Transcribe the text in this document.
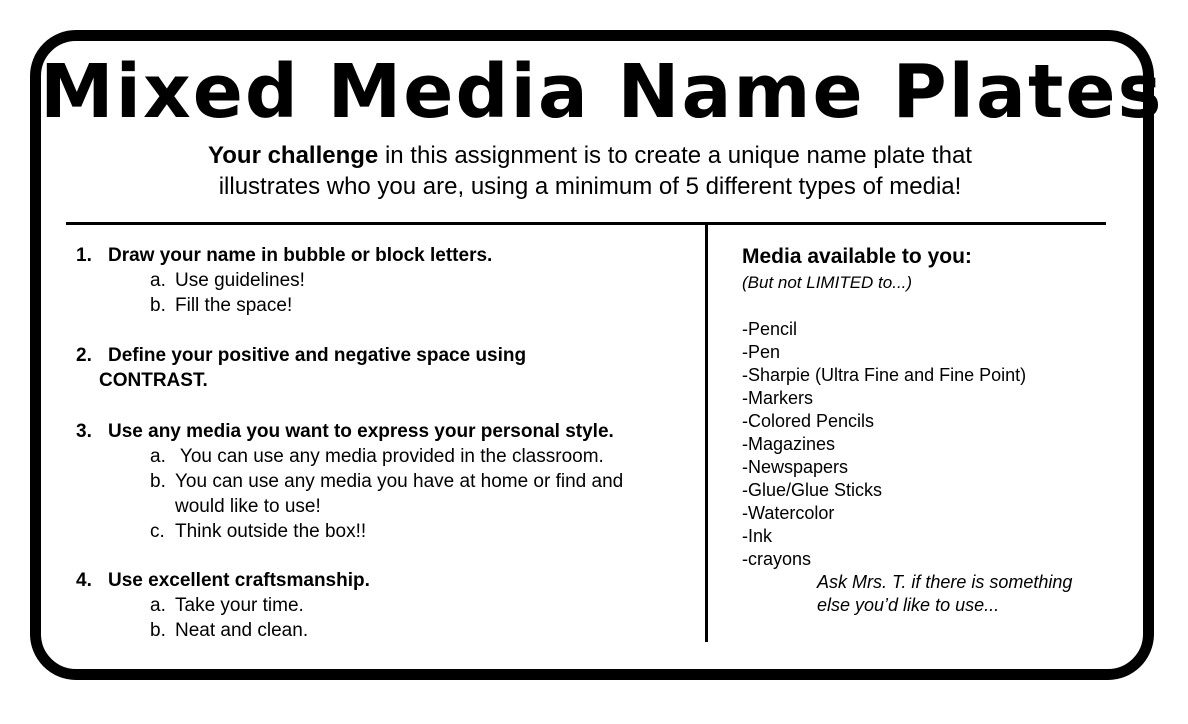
Mixed Media Name Plates
Your challenge in this assignment is to create a unique name plate that
illustrates who you are, using a minimum of 5 different types of media!
1. Draw your name in bubble or block letters.
a. Use guidelines!
b. Fill the space!
2. Define your positive and negative space using
CONTRAST.
3. Use any media you want to express your personal style.
a. You can use any media provided in the classroom.
b. You can use any media you have at home or find and
would like to use!
c. Think outside the box!!
4. Use excellent craftsmanship.
a. Take your time.
b. Neat and clean.
Media available to you:
(But not LIMITED to...)
-Pencil
-Pen
-Sharpie (Ultra Fine and Fine Point)
-Markers
-Colored Pencils
-Magazines
-Newspapers
-Glue/Glue Sticks
-Watercolor
-Ink
-crayons
Ask Mrs. T. if there is something
else you’d like to use...
